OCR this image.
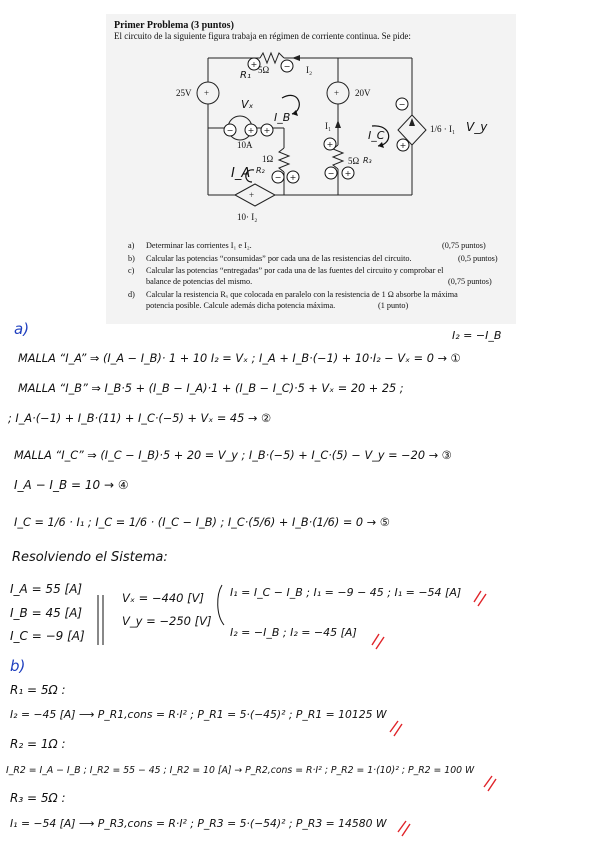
Primer Problema (3 puntos)
El circuito de la siguiente figura trabaja en régimen de corriente continua. Se pide:
+	+
+
+	−
− + +
− +
+
− +
−
+
5Ω
R₁	I₂
25V	20V
Vₓ
I_B
I₁
I_C
10A
1Ω	5Ω R₃
I_A R₂
1/6 · I₁ V_y
10· I₂
a) Determinar las corrientes I₁ e I₂.	(0,75 puntos)
b) Calcular las potencias “consumidas” por cada una de las resistencias del circuito.	(0,5 puntos)
c) Calcular las potencias “entregadas” por cada una de las fuentes del circuito y comprobar el
balance de potencias del mismo.	(0,75 puntos)
d) Calcular la resistencia Rₓ que colocada en paralelo con la resistencia de 1 Ω absorbe la máxima
potencia posible. Calcule además dicha potencia máxima.	(1 punto)
a)	I₂ = −I_B
MALLA “I_A” ⇒ (I_A − I_B)· 1 + 10 I₂ = Vₓ ; I_A + I_B·(−1) + 10·I₂ − Vₓ = 0 → ①
MALLA “I_B” ⇒ I_B·5 + (I_B − I_A)·1 + (I_B − I_C)·5 + Vₓ = 20 + 25 ;
; I_A·(−1) + I_B·(11) + I_C·(−5) + Vₓ = 45 → ②
MALLA “I_C” ⇒ (I_C − I_B)·5 + 20 = V_y ; I_B·(−5) + I_C·(5) − V_y = −20 → ③
I_A − I_B = 10 → ④
I_C = 1/6 · I₁ ; I_C = 1/6 · (I_C − I_B) ; I_C·(5/6) + I_B·(1/6) = 0 → ⑤
Resolviendo el Sistema:
I_A = 55 [A]
I_B = 45 [A]
I_C = −9 [A]
Vₓ = −440 [V]
V_y = −250 [V]
I₁ = I_C − I_B ; I₁ = −9 − 45 ; I₁ = −54 [A]
I₂ = −I_B ; I₂ = −45 [A]
b)
R₁ = 5Ω :
I₂ = −45 [A] ⟶ P_R1,cons = R·I² ; P_R1 = 5·(−45)² ; P_R1 = 10125 W
R₂ = 1Ω :
I_R2 = I_A − I_B ; I_R2 = 55 − 45 ; I_R2 = 10 [A] → P_R2,cons = R·I² ; P_R2 = 1·(10)² ; P_R2 = 100 W
R₃ = 5Ω :
I₁ = −54 [A] ⟶ P_R3,cons = R·I² ; P_R3 = 5·(−54)² ; P_R3 = 14580 W
